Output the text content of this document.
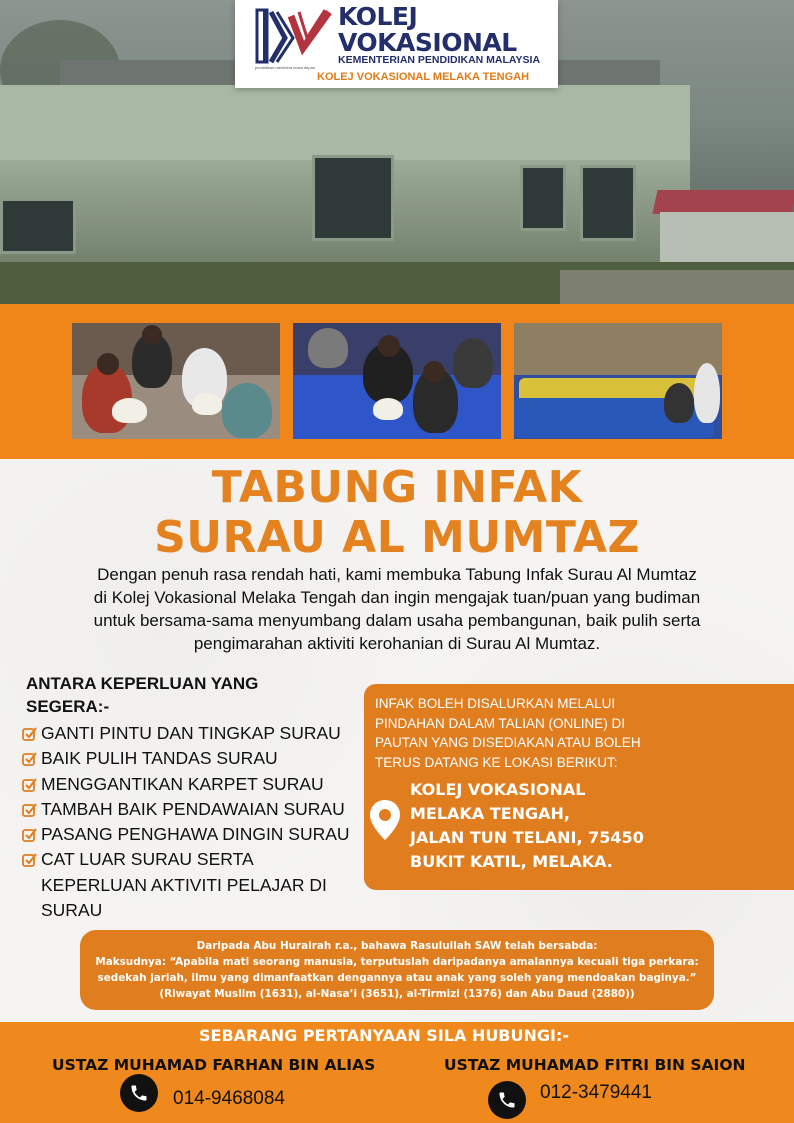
KOLEJ
VOKASIONAL
KEMENTERIAN PENDIDIKAN MALAYSIA
pendidikan membina masa depan
KOLEJ VOKASIONAL MELAKA TENGAH
TABUNG INFAK
SURAU AL MUMTAZ
Dengan penuh rasa rendah hati, kami membuka Tabung Infak Surau Al Mumtaz di Kolej Vokasional Melaka Tengah dan ingin mengajak tuan/puan yang budiman untuk bersama-sama menyumbang dalam usaha pembangunan, baik pulih serta pengimarahan aktiviti kerohanian di Surau Al Mumtaz.
ANTARA KEPERLUAN YANG SEGERA:-
GANTI PINTU DAN TINGKAP SURAU
BAIK PULIH TANDAS SURAU
MENGGANTIKAN KARPET SURAU
TAMBAH BAIK PENDAWAIAN SURAU
PASANG PENGHAWA DINGIN SURAU
CAT LUAR SURAU SERTA KEPERLUAN AKTIVITI PELAJAR DI SURAU
INFAK BOLEH DISALURKAN MELALUI PINDAHAN DALAM TALIAN (ONLINE) DI PAUTAN YANG DISEDIAKAN ATAU BOLEH TERUS DATANG KE LOKASI BERIKUT:
KOLEJ VOKASIONAL
MELAKA TENGAH,
JALAN TUN TELANI, 75450
BUKIT KATIL, MELAKA.
Daripada Abu Hurairah r.a., bahawa Rasulullah SAW telah bersabda:
Maksudnya: “Apabila mati seorang manusia, terputuslah daripadanya amalannya kecuali tiga perkara:
sedekah jariah, ilmu yang dimanfaatkan dengannya atau anak yang soleh yang mendoakan baginya.”
(Riwayat Muslim (1631), al-Nasa’i (3651), al-Tirmizi (1376) dan Abu Daud (2880))
SEBARANG PERTANYAAN SILA HUBUNGI:-
USTAZ MUHAMAD FARHAN BIN ALIAS
014-9468084
USTAZ MUHAMAD FITRI BIN SAION
012-3479441
